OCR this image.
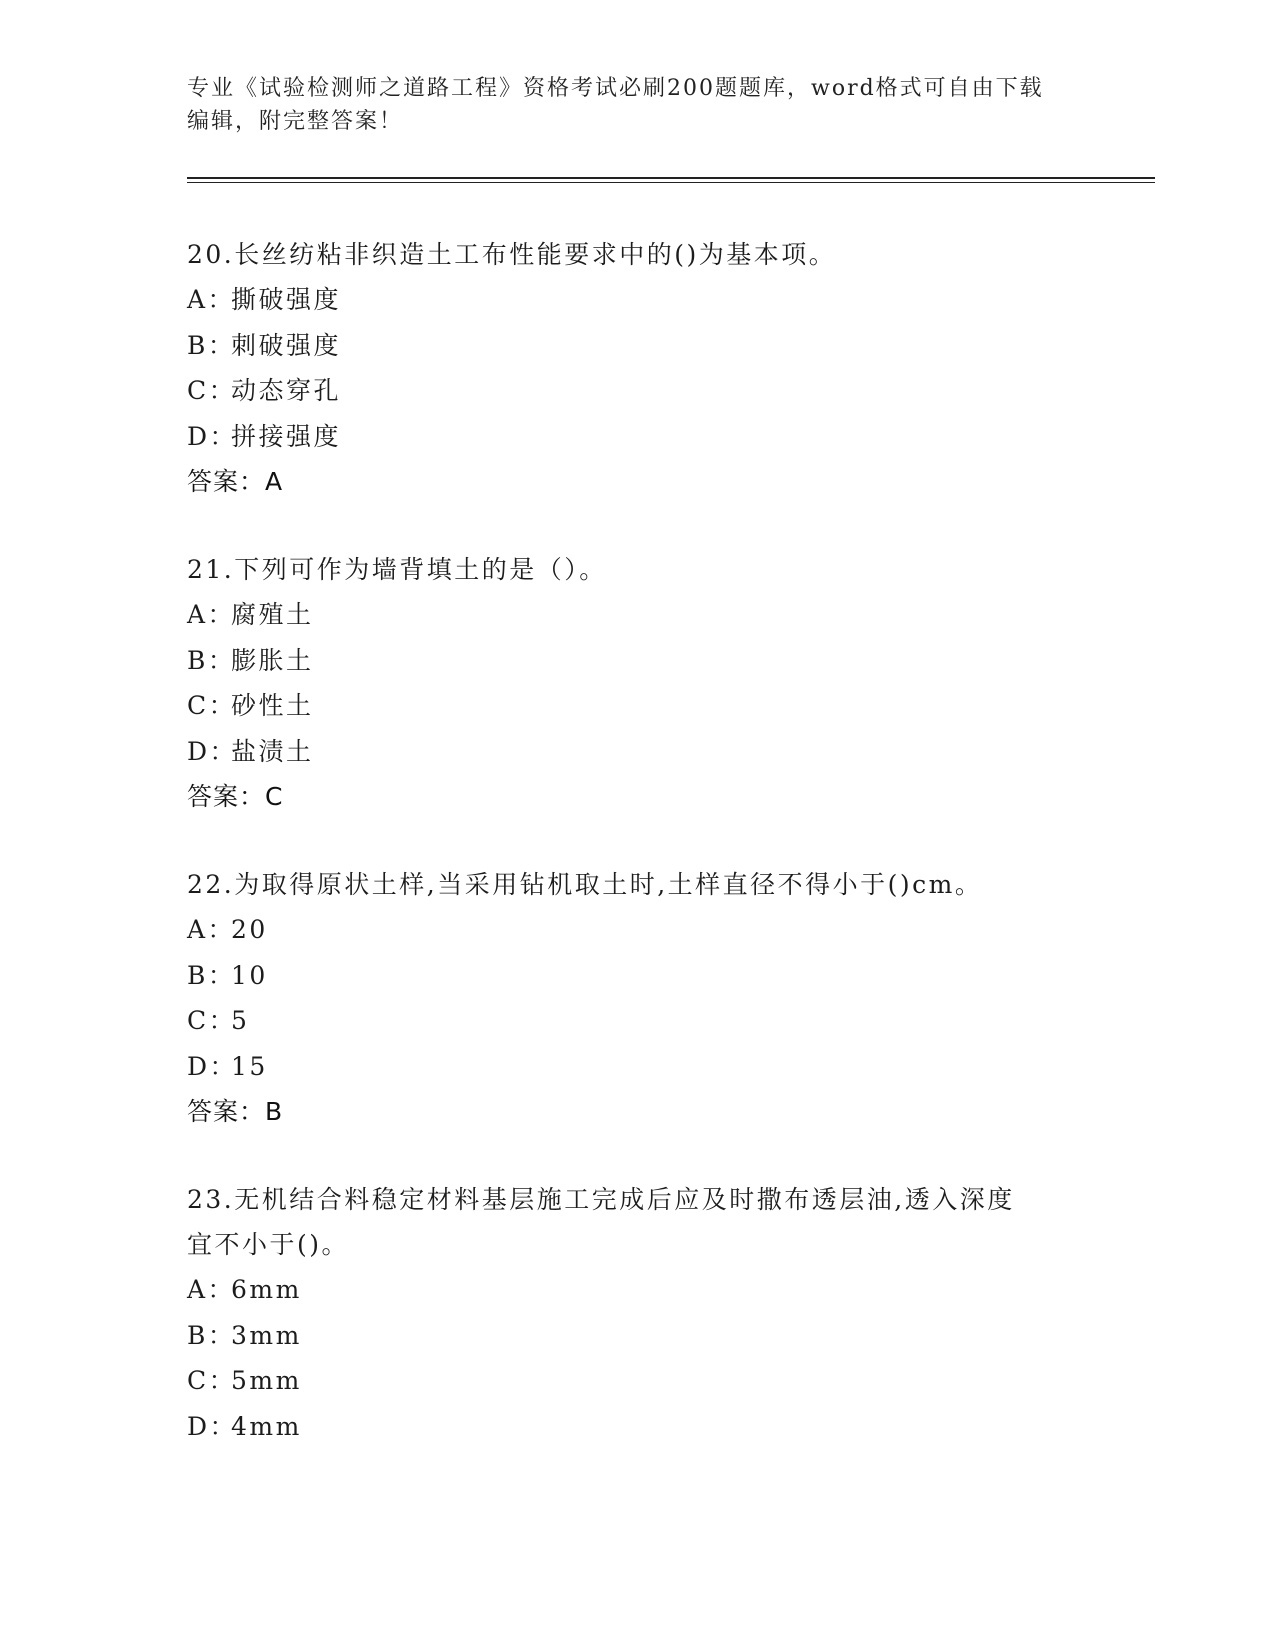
专业《试验检测师之道路工程》资格考试必刷200题题库，word格式可自由下载
编辑，附完整答案！
20.长丝纺粘非织造土工布性能要求中的()为基本项。
A：撕破强度
B：刺破强度
C：动态穿孔
D：拼接强度
答案：A
21.下列可作为墙背填土的是（）。
A：腐殖土
B：膨胀土
C：砂性土
D：盐渍土
答案：C
22.为取得原状土样,当采用钻机取土时,土样直径不得小于()cm。
A：20
B：10
C：5
D：15
答案：B
23.无机结合料稳定材料基层施工完成后应及时撒布透层油,透入深度
宜不小于()。
A：6mm
B：3mm
C：5mm
D：4mm
